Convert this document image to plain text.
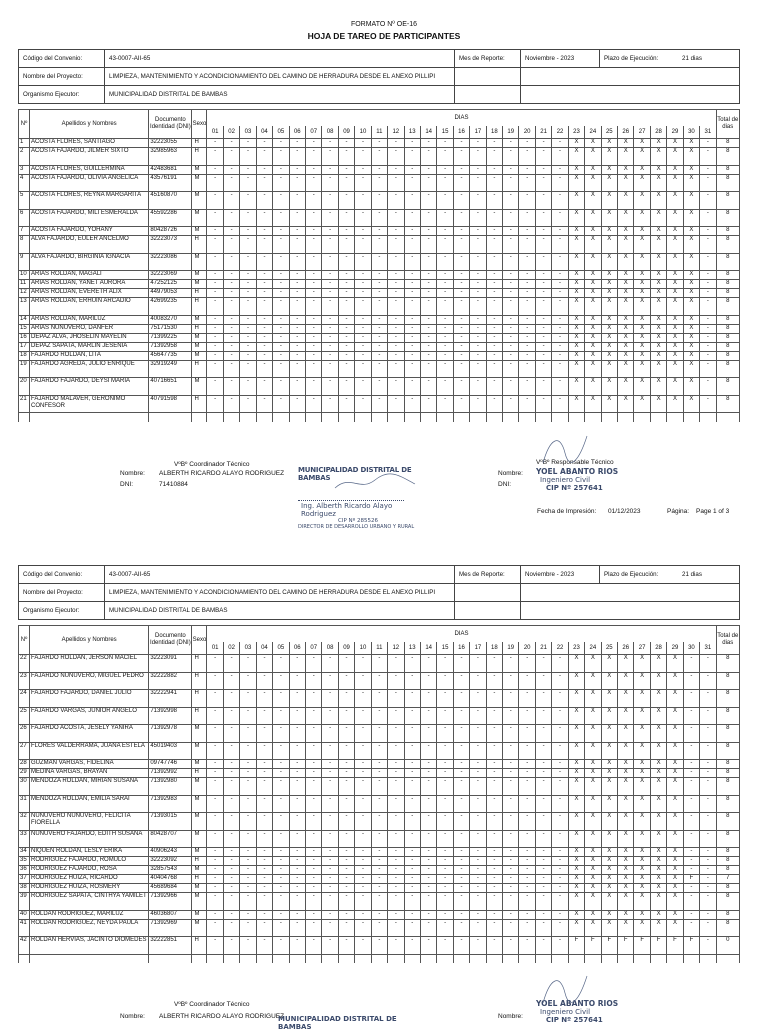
FORMATO Nº OE-16
HOJA DE TAREO DE PARTICIPANTES
Código del Convenio:	43-0007-AII-65	Mes de Reporte:	Noviembre - 2023	Plazo de Ejecución:	21 dias
Nombre del Proyecto:	LIMPIEZA, MANTENIMIENTO Y ACONDICIONAMIENTO DEL CAMINO DE HERRADURA DESDE EL ANEXO PILLIPI				
Organismo Ejecutor:	MUNICIPALIDAD DISTRITAL DE BAMBAS				
Nº	Apellidos y Nombres	Documento Identidad (DNI)	Sexo	DIAS																															Total de dias
				01	02	03	04	05	06	07	08	09	10	11	12	13	14	15	16	17	18	19	20	21	22	23	24	25	26	27	28	29	30	31	
1	ACOSTA FLORES, SANTIAGO	32223055	H	-	-	-	-	-	-	-	-	-	-	-	-	-	-	-	-	-	-	-	-	-	-	X	X	X	X	X	X	X	X	-	8
2	ACOSTA FAJARDO, JILMER SIXTO	32985963	H	-	-	-	-	-	-	-	-	-	-	-	-	-	-	-	-	-	-	-	-	-	-	X	X	X	X	X	X	X	X	-	8
3	ACOSTA FLORES, GUILLERMINA	42483681	M	-	-	-	-	-	-	-	-	-	-	-	-	-	-	-	-	-	-	-	-	-	-	X	X	X	X	X	X	X	X	-	8
4	ACOSTA FAJARDO, OLIVIA ANGELICA	43576191	M	-	-	-	-	-	-	-	-	-	-	-	-	-	-	-	-	-	-	-	-	-	-	X	X	X	X	X	X	X	X	-	8
5	ACOSTA FLORES, REYNA MARGARITA	45160870	M	-	-	-	-	-	-	-	-	-	-	-	-	-	-	-	-	-	-	-	-	-	-	X	X	X	X	X	X	X	X	-	8
6	ACOSTA FAJARDO, MILI ESMERALDA	45592286	M	-	-	-	-	-	-	-	-	-	-	-	-	-	-	-	-	-	-	-	-	-	-	X	X	X	X	X	X	X	X	-	8
7	ACOSTA FAJARDO, YOHANY	80428726	M	-	-	-	-	-	-	-	-	-	-	-	-	-	-	-	-	-	-	-	-	-	-	X	X	X	X	X	X	X	X	-	8
8	ALVA FAJARDO, EULER ANCELMO	32223073	H	-	-	-	-	-	-	-	-	-	-	-	-	-	-	-	-	-	-	-	-	-	-	X	X	X	X	X	X	X	X	-	8
9	ALVA FAJARDO, BIRGINIA IGNACIA	32223086	M	-	-	-	-	-	-	-	-	-	-	-	-	-	-	-	-	-	-	-	-	-	-	X	X	X	X	X	X	X	X	-	8
10	ARIAS ROLDAN, MAGALI	32223069	M	-	-	-	-	-	-	-	-	-	-	-	-	-	-	-	-	-	-	-	-	-	-	X	X	X	X	X	X	X	X	-	8
11	ARIAS ROLDAN, YANET AURORA	47252125	M	-	-	-	-	-	-	-	-	-	-	-	-	-	-	-	-	-	-	-	-	-	-	X	X	X	X	X	X	X	X	-	8
12	ARIAS ROLDAN, EVERETH ALIX	44979053	H	-	-	-	-	-	-	-	-	-	-	-	-	-	-	-	-	-	-	-	-	-	-	X	X	X	X	X	X	X	X	-	8
13	ARIAS ROLDAN, ERHUIN ARCADIO	42699235	H	-	-	-	-	-	-	-	-	-	-	-	-	-	-	-	-	-	-	-	-	-	-	X	X	X	X	X	X	X	X	-	8
14	ARIAS ROLDAN, MARILUZ	40083270	M	-	-	-	-	-	-	-	-	-	-	-	-	-	-	-	-	-	-	-	-	-	-	X	X	X	X	X	X	X	X	-	8
15	ARIAS NUÑUVERO, DANFER	75171530	H	-	-	-	-	-	-	-	-	-	-	-	-	-	-	-	-	-	-	-	-	-	-	X	X	X	X	X	X	X	X	-	8
16	DEPAZ ALVA, JHOSELIN MAYELIN	71399225	M	-	-	-	-	-	-	-	-	-	-	-	-	-	-	-	-	-	-	-	-	-	-	X	X	X	X	X	X	X	X	-	8
17	DEPAZ SAPATA, MARLIN JESENIA	71392958	M	-	-	-	-	-	-	-	-	-	-	-	-	-	-	-	-	-	-	-	-	-	-	X	X	X	X	X	X	X	X	-	8
18	FAJARDO ROLDAN, LITA	45647735	M	-	-	-	-	-	-	-	-	-	-	-	-	-	-	-	-	-	-	-	-	-	-	X	X	X	X	X	X	X	X	-	8
19	FAJARDO AGREDA, JULIO ENRIQUE	32919249	H	-	-	-	-	-	-	-	-	-	-	-	-	-	-	-	-	-	-	-	-	-	-	X	X	X	X	X	X	X	X	-	8
20	FAJARDO FAJARDO, DEYSI MARIA	40716651	M	-	-	-	-	-	-	-	-	-	-	-	-	-	-	-	-	-	-	-	-	-	-	X	X	X	X	X	X	X	X	-	8
21	FAJARDO MALAVER, GERONIMO CONFESOR	40791598	H	-	-	-	-	-	-	-	-	-	-	-	-	-	-	-	-	-	-	-	-	-	-	X	X	X	X	X	X	X	X	-	8

VºBº Coordinador Técnico
Nombre: ALBERTH RICARDO ALAYO RODRIGUEZ
DNI:	71410884
MUNICIPALIDAD DISTRITAL DE BAMBAS
Ing. Alberth Ricardo Alayo Rodriguez
CIP Nº 285526
DIRECTOR DE DESARROLLO URBANO Y RURAL
VºBº Responsable Técnico
Nombre:
DNI:
YOEL ABANTO RIOS
Ingeniero Civil
CIP Nº 257641
Fecha de Impresión: 01/12/2023	Página: Page 1 of 3
Código del Convenio:	43-0007-AII-65	Mes de Reporte:	Noviembre - 2023	Plazo de Ejecución:	21 dias
Nombre del Proyecto:	LIMPIEZA, MANTENIMIENTO Y ACONDICIONAMIENTO DEL CAMINO DE HERRADURA DESDE EL ANEXO PILLIPI				
Organismo Ejecutor:	MUNICIPALIDAD DISTRITAL DE BAMBAS				
Nº	Apellidos y Nombres	Documento Identidad (DNI)	Sexo	DIAS																															Total de dias
				01	02	03	04	05	06	07	08	09	10	11	12	13	14	15	16	17	18	19	20	21	22	23	24	25	26	27	28	29	30	31	
22	FAJARDO ROLDAN, JERSON MACIEL	32223091	H	-	-	-	-	-	-	-	-	-	-	-	-	-	-	-	-	-	-	-	-	-	-	X	X	X	X	X	X	X	-	-	8
23	FAJARDO NUÑUVERO, MIGUEL PEDRO	32222882	H	-	-	-	-	-	-	-	-	-	-	-	-	-	-	-	-	-	-	-	-	-	-	X	X	X	X	X	X	X	-	-	8
24	FAJARDO FAJARDO, DANIEL JULIO	32222941	H	-	-	-	-	-	-	-	-	-	-	-	-	-	-	-	-	-	-	-	-	-	-	X	X	X	X	X	X	X	-	-	8
25	FAJARDO VARGAS, JUNIOR ANGELO	71392998	H	-	-	-	-	-	-	-	-	-	-	-	-	-	-	-	-	-	-	-	-	-	-	X	X	X	X	X	X	X	-	-	8
26	FAJARDO ACOSTA, JESELY YANIRA	71392978	M	-	-	-	-	-	-	-	-	-	-	-	-	-	-	-	-	-	-	-	-	-	-	X	X	X	X	X	X	X	-	-	8
27	FLORES VALDERRAMA, JUANA ESTELA	45019403	M	-	-	-	-	-	-	-	-	-	-	-	-	-	-	-	-	-	-	-	-	-	-	X	X	X	X	X	X	X	-	-	8
28	GUZMAN VARGAS, FIDELINA	09747746	M	-	-	-	-	-	-	-	-	-	-	-	-	-	-	-	-	-	-	-	-	-	-	X	X	X	X	X	X	X	-	-	8
29	MEDINA VARGAS, BRAYAN	71392992	H	-	-	-	-	-	-	-	-	-	-	-	-	-	-	-	-	-	-	-	-	-	-	X	X	X	X	X	X	X	-	-	8
30	MENDOZA ROLDAN, MIRIAN SUSANA	71392980	M	-	-	-	-	-	-	-	-	-	-	-	-	-	-	-	-	-	-	-	-	-	-	X	X	X	X	X	X	X	-	-	8
31	MENDOZA ROLDAN, EMILIA SARAI	71392983	M	-	-	-	-	-	-	-	-	-	-	-	-	-	-	-	-	-	-	-	-	-	-	X	X	X	X	X	X	X	-	-	8
32	NUÑUVERO NUÑUVERO, FELICITA FIORELLA	71393015	M	-	-	-	-	-	-	-	-	-	-	-	-	-	-	-	-	-	-	-	-	-	-	X	X	X	X	X	X	X	-	-	8
33	NUÑUVERO FAJARDO, EDITH SUSANA	80428707	M	-	-	-	-	-	-	-	-	-	-	-	-	-	-	-	-	-	-	-	-	-	-	X	X	X	X	X	X	X	-	-	8
34	NIQUEN ROLDAN, LESLY ERIKA	40906243	M	-	-	-	-	-	-	-	-	-	-	-	-	-	-	-	-	-	-	-	-	-	-	X	X	X	X	X	X	X	-	-	8
35	RODRIGUEZ FAJARDO, ROMULO	32223092	H	-	-	-	-	-	-	-	-	-	-	-	-	-	-	-	-	-	-	-	-	-	-	X	X	X	X	X	X	X	-	-	8
36	RODRIGUEZ FAJARDO, ROSA	32857543	M	-	-	-	-	-	-	-	-	-	-	-	-	-	-	-	-	-	-	-	-	-	-	X	X	X	X	X	X	X	-	-	8
37	RODRIGUEZ HUIZA, RICARDO	40404768	H	-	-	-	-	-	-	-	-	-	-	-	-	-	-	-	-	-	-	-	-	-	-	X	X	X	X	X	X	X	F	-	7
38	RODRIGUEZ HUIZA, ROSMERY	45689684	M	-	-	-	-	-	-	-	-	-	-	-	-	-	-	-	-	-	-	-	-	-	-	X	X	X	X	X	X	X	-	-	8
39	RODRIGUEZ SAPATA, CINTHYA YAMILET	71392966	M	-	-	-	-	-	-	-	-	-	-	-	-	-	-	-	-	-	-	-	-	-	-	X	X	X	X	X	X	X	-	-	8
40	ROLDAN RODRIGUEZ, MARILUZ	46036807	M	-	-	-	-	-	-	-	-	-	-	-	-	-	-	-	-	-	-	-	-	-	-	X	X	X	X	X	X	X	-	-	8
41	ROLDAN RODRIGUEZ, NEYDA PAULA	71392969	M	-	-	-	-	-	-	-	-	-	-	-	-	-	-	-	-	-	-	-	-	-	-	X	X	X	X	X	X	X	-	-	8
42	ROLDAN HERVIAS, JACINTO DIOMEDES	32222851	H	-	-	-	-	-	-	-	-	-	-	-	-	-	-	-	-	-	-	-	-	-	-	F	F	F	F	F	F	F	F	-	0

VºBº Coordinador Técnico
Nombre: ALBERTH RICARDO ALAYO RODRIGUEZ
MUNICIPALIDAD DISTRITAL DE BAMBAS
Nombre:
YOEL ABANTO RIOS
Ingeniero Civil
CIP Nº 257641
